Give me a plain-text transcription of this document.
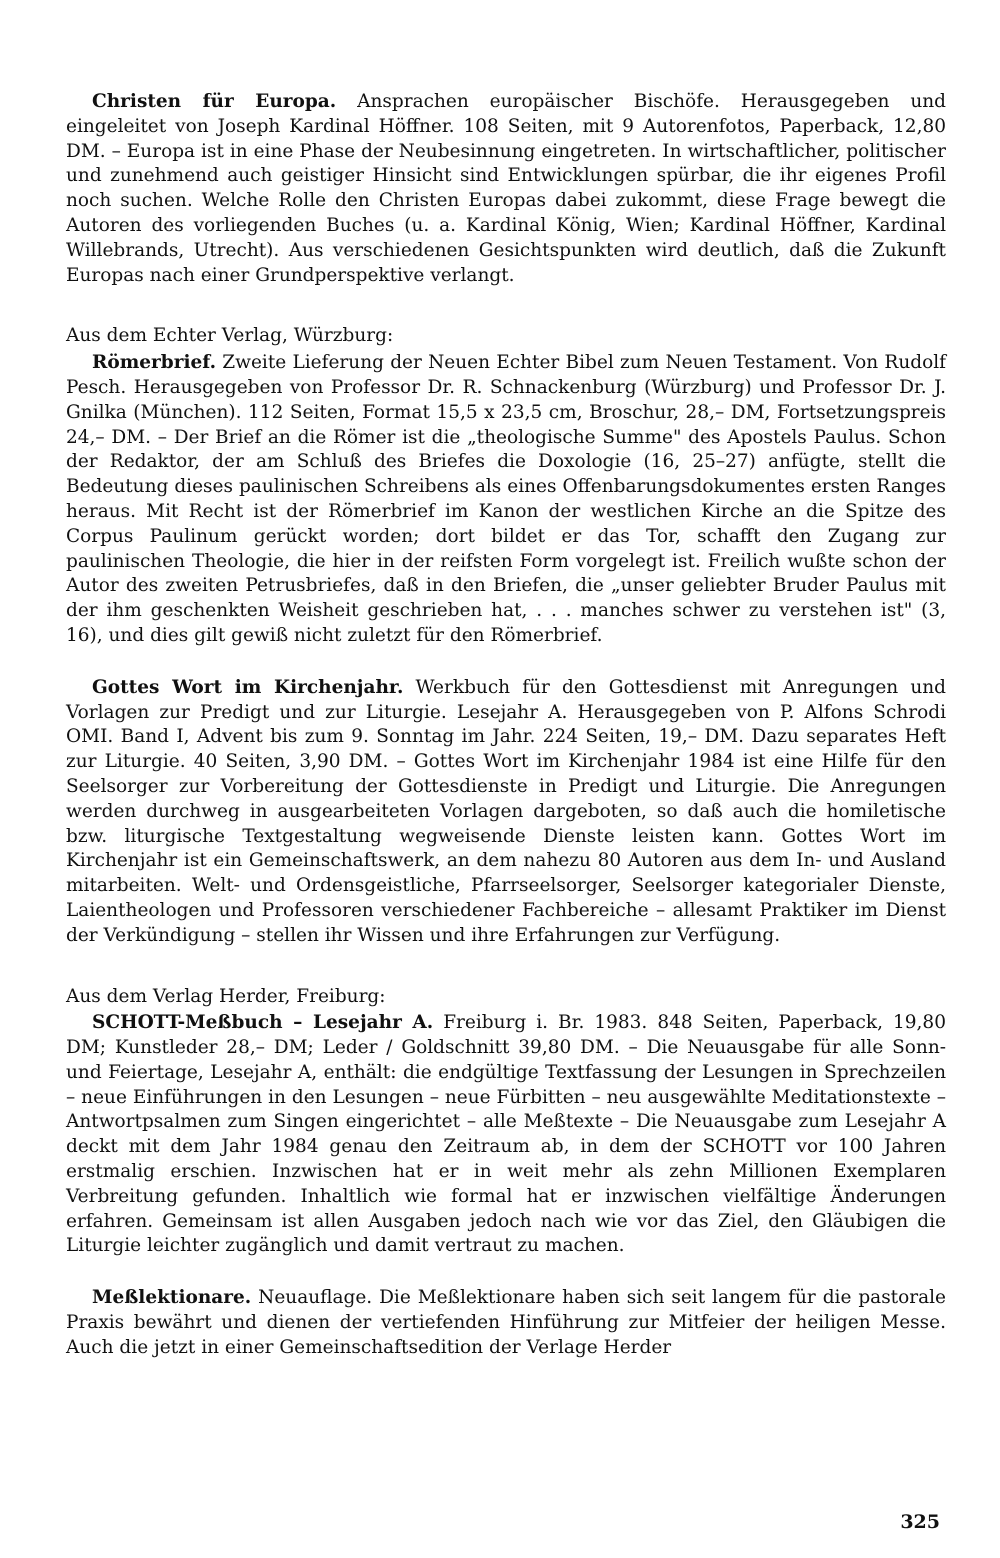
Christen für Europa. Ansprachen europäischer Bischöfe. Herausgegeben und eingeleitet von Joseph Kardinal Höffner. 108 Seiten, mit 9 Autorenfotos, Paperback, 12,80 DM. – Europa ist in eine Phase der Neubesinnung eingetreten. In wirtschaftlicher, politischer und zunehmend auch geistiger Hinsicht sind Entwicklungen spürbar, die ihr eigenes Profil noch suchen. Welche Rolle den Christen Europas dabei zukommt, diese Frage bewegt die Autoren des vorliegenden Buches (u. a. Kardinal König, Wien; Kardinal Höffner, Kardinal Willebrands, Utrecht). Aus verschiedenen Gesichtspunkten wird deutlich, daß die Zukunft Europas nach einer Grundperspektive verlangt.

Aus dem Echter Verlag, Würzburg:

Römerbrief. Zweite Lieferung der Neuen Echter Bibel zum Neuen Testament. Von Rudolf Pesch. Herausgegeben von Professor Dr. R. Schnackenburg (Würzburg) und Professor Dr. J. Gnilka (München). 112 Seiten, Format 15,5 x 23,5 cm, Broschur, 28,– DM, Fortsetzungspreis 24,– DM. – Der Brief an die Römer ist die „theologische Summe" des Apostels Paulus. Schon der Redaktor, der am Schluß des Briefes die Doxologie (16, 25–27) anfügte, stellt die Bedeutung dieses paulinischen Schreibens als eines Offenbarungsdokumentes ersten Ranges heraus. Mit Recht ist der Römerbrief im Kanon der westlichen Kirche an die Spitze des Corpus Paulinum gerückt worden; dort bildet er das Tor, schafft den Zugang zur paulinischen Theologie, die hier in der reifsten Form vorgelegt ist. Freilich wußte schon der Autor des zweiten Petrusbriefes, daß in den Briefen, die „unser geliebter Bruder Paulus mit der ihm geschenkten Weisheit geschrieben hat, . . . manches schwer zu verstehen ist" (3, 16), und dies gilt gewiß nicht zuletzt für den Römerbrief.

Gottes Wort im Kirchenjahr. Werkbuch für den Gottesdienst mit Anregungen und Vorlagen zur Predigt und zur Liturgie. Lesejahr A. Herausgegeben von P. Alfons Schrodi OMI. Band I, Advent bis zum 9. Sonntag im Jahr. 224 Seiten, 19,– DM. Dazu separates Heft zur Liturgie. 40 Seiten, 3,90 DM. – Gottes Wort im Kirchenjahr 1984 ist eine Hilfe für den Seelsorger zur Vorbereitung der Gottesdienste in Predigt und Liturgie. Die Anregungen werden durchweg in ausgearbeiteten Vorlagen dargeboten, so daß auch die homiletische bzw. liturgische Textgestaltung wegweisende Dienste leisten kann. Gottes Wort im Kirchenjahr ist ein Gemeinschaftswerk, an dem nahezu 80 Autoren aus dem In- und Ausland mitarbeiten. Welt- und Ordensgeistliche, Pfarrseelsorger, Seelsorger kategorialer Dienste, Laientheologen und Professoren verschiedener Fachbereiche – allesamt Praktiker im Dienst der Verkündigung – stellen ihr Wissen und ihre Erfahrungen zur Verfügung.

Aus dem Verlag Herder, Freiburg:

SCHOTT-Meßbuch – Lesejahr A. Freiburg i. Br. 1983. 848 Seiten, Paperback, 19,80 DM; Kunstleder 28,– DM; Leder / Goldschnitt 39,80 DM. – Die Neuausgabe für alle Sonn- und Feiertage, Lesejahr A, enthält: die endgültige Textfassung der Lesungen in Sprechzeilen – neue Einführungen in den Lesungen – neue Fürbitten – neu ausgewählte Meditationstexte – Antwortpsalmen zum Singen eingerichtet – alle Meßtexte – Die Neuausgabe zum Lesejahr A deckt mit dem Jahr 1984 genau den Zeitraum ab, in dem der SCHOTT vor 100 Jahren erstmalig erschien. Inzwischen hat er in weit mehr als zehn Millionen Exemplaren Verbreitung gefunden. Inhaltlich wie formal hat er inzwischen vielfältige Änderungen erfahren. Gemeinsam ist allen Ausgaben jedoch nach wie vor das Ziel, den Gläubigen die Liturgie leichter zugänglich und damit vertraut zu machen.

Meßlektionare. Neuauflage. Die Meßlektionare haben sich seit langem für die pastorale Praxis bewährt und dienen der vertiefenden Hinführung zur Mitfeier der heiligen Messe. Auch die jetzt in einer Gemeinschaftsedition der Verlage Herder

325
